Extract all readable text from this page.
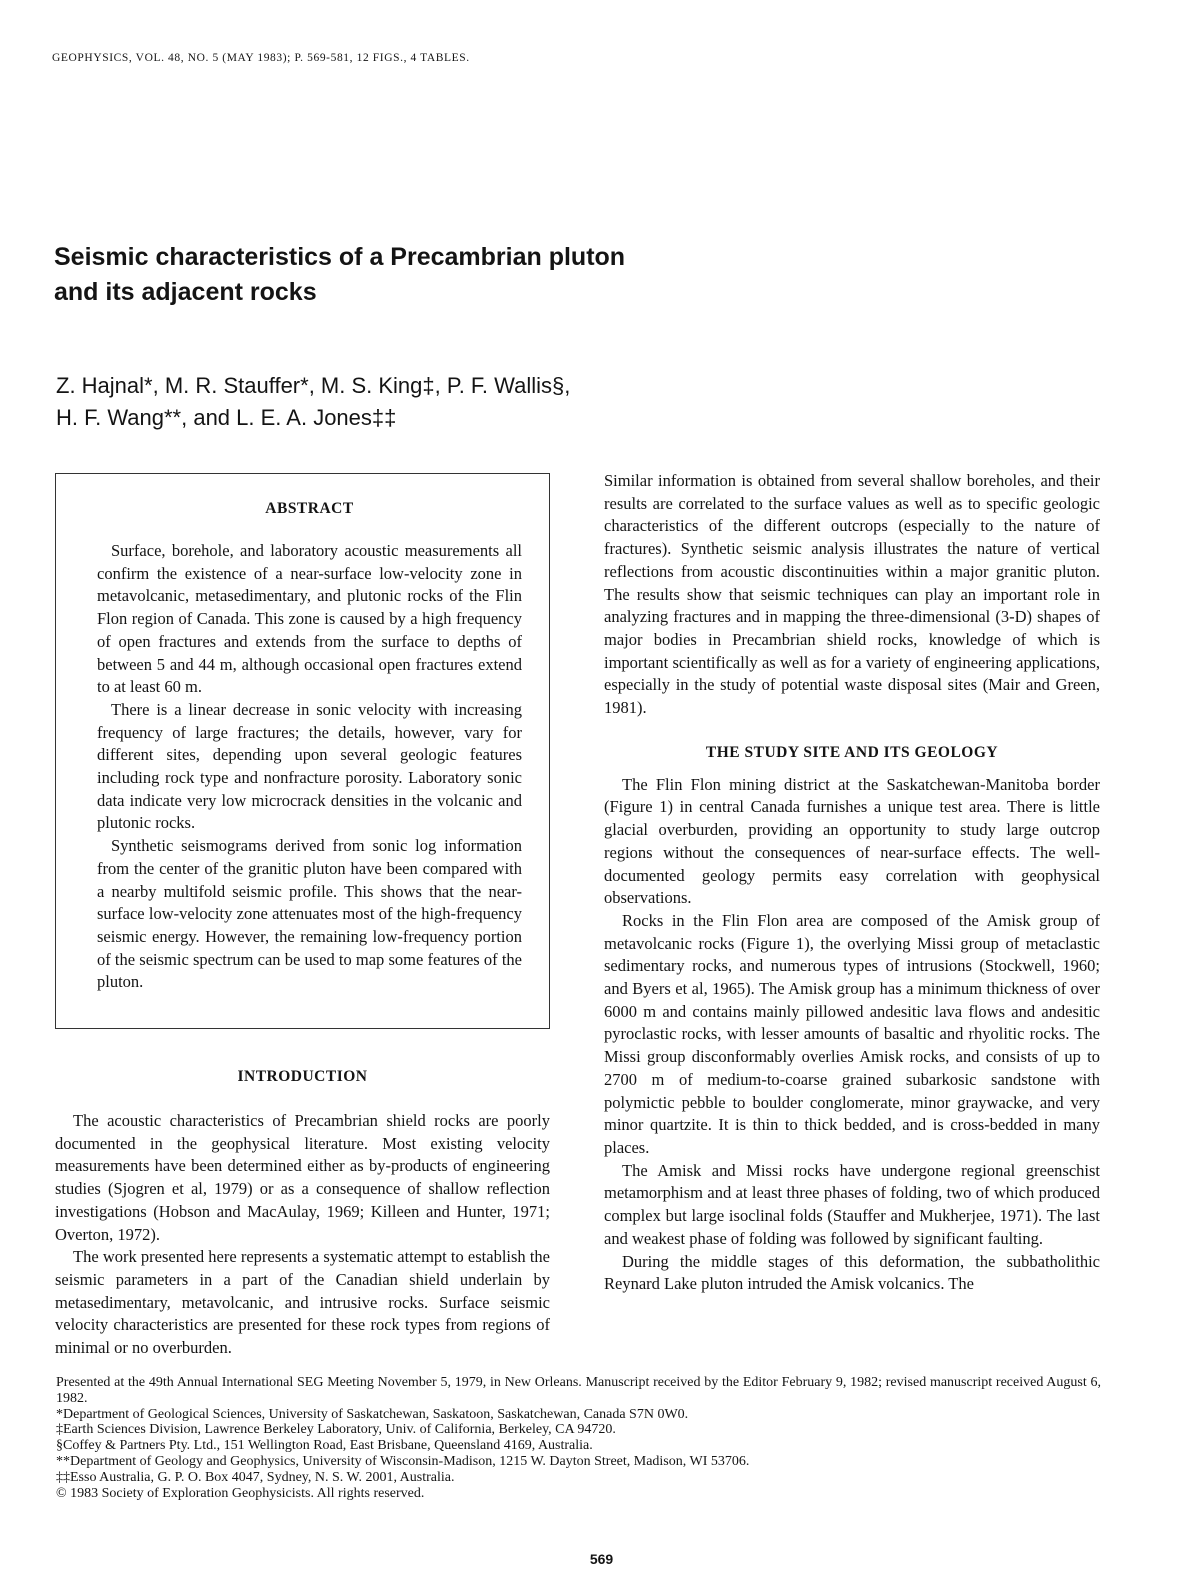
GEOPHYSICS, VOL. 48, NO. 5 (MAY 1983); P. 569-581, 12 FIGS., 4 TABLES.
Seismic characteristics of a Precambrian pluton
and its adjacent rocks
Z. Hajnal*, M. R. Stauffer*, M. S. King‡, P. F. Wallis§,
H. F. Wang**, and L. E. A. Jones‡‡
ABSTRACT

Surface, borehole, and laboratory acoustic measurements all confirm the existence of a near-surface low-velocity zone in metavolcanic, metasedimentary, and plutonic rocks of the Flin Flon region of Canada. This zone is caused by a high frequency of open fractures and extends from the surface to depths of between 5 and 44 m, although occasional open fractures extend to at least 60 m.

There is a linear decrease in sonic velocity with increasing frequency of large fractures; the details, however, vary for different sites, depending upon several geologic features including rock type and nonfracture porosity. Laboratory sonic data indicate very low microcrack densities in the volcanic and plutonic rocks.

Synthetic seismograms derived from sonic log information from the center of the granitic pluton have been compared with a nearby multifold seismic profile. This shows that the near-surface low-velocity zone attenuates most of the high-frequency seismic energy. However, the remaining low-frequency portion of the seismic spectrum can be used to map some features of the pluton.

INTRODUCTION

The acoustic characteristics of Precambrian shield rocks are poorly documented in the geophysical literature. Most existing velocity measurements have been determined either as by-products of engineering studies (Sjogren et al, 1979) or as a consequence of shallow reflection investigations (Hobson and MacAulay, 1969; Killeen and Hunter, 1971; Overton, 1972).

The work presented here represents a systematic attempt to establish the seismic parameters in a part of the Canadian shield underlain by metasedimentary, metavolcanic, and intrusive rocks. Surface seismic velocity characteristics are presented for these rock types from regions of minimal or no overburden.

Similar information is obtained from several shallow boreholes, and their results are correlated to the surface values as well as to specific geologic characteristics of the different outcrops (especially to the nature of fractures). Synthetic seismic analysis illustrates the nature of vertical reflections from acoustic discontinuities within a major granitic pluton. The results show that seismic techniques can play an important role in analyzing fractures and in mapping the three-dimensional (3-D) shapes of major bodies in Precambrian shield rocks, knowledge of which is important scientifically as well as for a variety of engineering applications, especially in the study of potential waste disposal sites (Mair and Green, 1981).

THE STUDY SITE AND ITS GEOLOGY

The Flin Flon mining district at the Saskatchewan-Manitoba border (Figure 1) in central Canada furnishes a unique test area. There is little glacial overburden, providing an opportunity to study large outcrop regions without the consequences of near-surface effects. The well-documented geology permits easy correlation with geophysical observations.

Rocks in the Flin Flon area are composed of the Amisk group of metavolcanic rocks (Figure 1), the overlying Missi group of metaclastic sedimentary rocks, and numerous types of intrusions (Stockwell, 1960; and Byers et al, 1965). The Amisk group has a minimum thickness of over 6000 m and contains mainly pillowed andesitic lava flows and andesitic pyroclastic rocks, with lesser amounts of basaltic and rhyolitic rocks. The Missi group disconformably overlies Amisk rocks, and consists of up to 2700 m of medium-to-coarse grained subarkosic sandstone with polymictic pebble to boulder conglomerate, minor graywacke, and very minor quartzite. It is thin to thick bedded, and is cross-bedded in many places.

The Amisk and Missi rocks have undergone regional greenschist metamorphism and at least three phases of folding, two of which produced complex but large isoclinal folds (Stauffer and Mukherjee, 1971). The last and weakest phase of folding was followed by significant faulting.

During the middle stages of this deformation, the subbatholithic Reynard Lake pluton intruded the Amisk volcanics. The

Presented at the 49th Annual International SEG Meeting November 5, 1979, in New Orleans. Manuscript received by the Editor February 9, 1982; revised manuscript received August 6, 1982.

*Department of Geological Sciences, University of Saskatchewan, Saskatoon, Saskatchewan, Canada S7N 0W0.

‡Earth Sciences Division, Lawrence Berkeley Laboratory, Univ. of California, Berkeley, CA 94720.

§Coffey & Partners Pty. Ltd., 151 Wellington Road, East Brisbane, Queensland 4169, Australia.

**Department of Geology and Geophysics, University of Wisconsin-Madison, 1215 W. Dayton Street, Madison, WI 53706.

‡‡Esso Australia, G. P. O. Box 4047, Sydney, N. S. W. 2001, Australia.

© 1983 Society of Exploration Geophysicists. All rights reserved.

569
